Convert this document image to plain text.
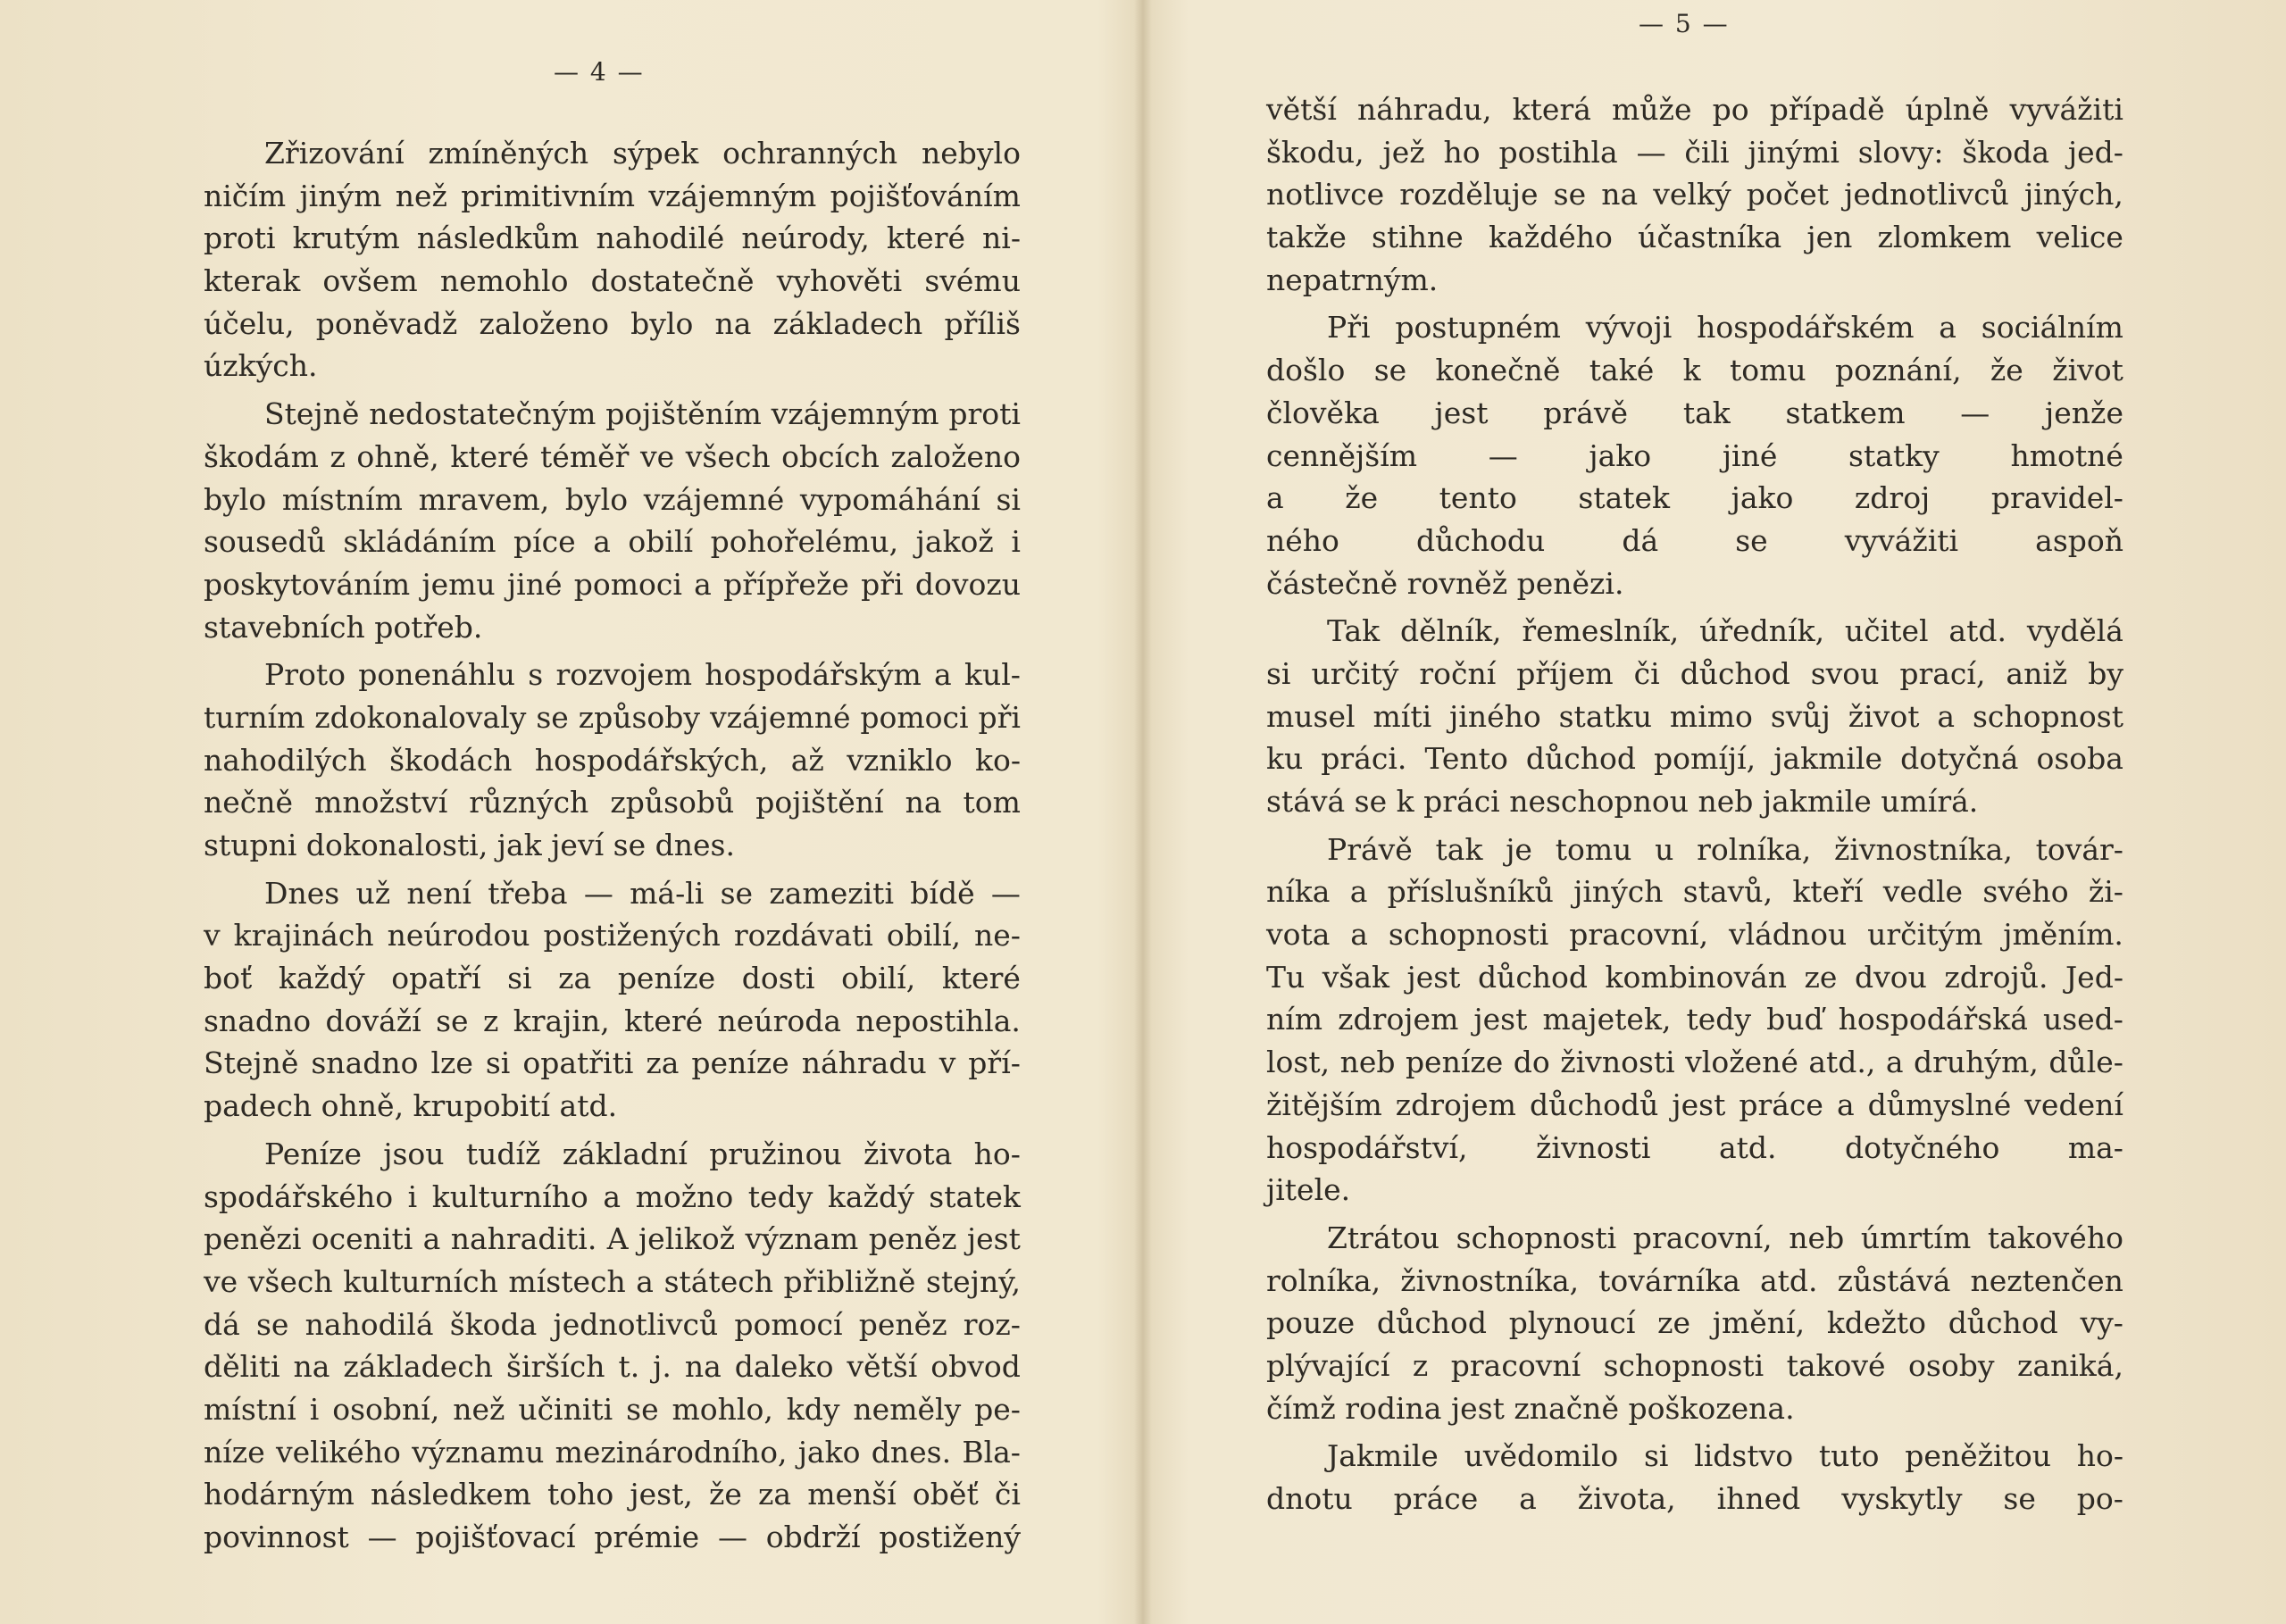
— 4 —
Zřizování zmíněných sýpek ochranných nebylo
ničím jiným než primitivním vzájemným pojišťováním
proti krutým následkům nahodilé neúrody, které ni-
kterak ovšem nemohlo dostatečně vyhověti svému
účelu, poněvadž založeno bylo na základech příliš
úzkých.
Stejně nedostatečným pojištěním vzájemným proti
škodám z ohně, které téměř ve všech obcích založeno
bylo místním mravem, bylo vzájemné vypomáhání si
sousedů skládáním píce a obilí pohořelému, jakož i
poskytováním jemu jiné pomoci a přípřeže při dovozu
stavebních potřeb.
Proto ponenáhlu s rozvojem hospodářským a kul-
turním zdokonalovaly se způsoby vzájemné pomoci při
nahodilých škodách hospodářských, až vzniklo ko-
nečně množství různých způsobů pojištění na tom
stupni dokonalosti, jak jeví se dnes.
Dnes už není třeba — má-li se zameziti bídě —
v krajinách neúrodou postižených rozdávati obilí, ne-
boť každý opatří si za peníze dosti obilí, které
snadno dováží se z krajin, které neúroda nepostihla.
Stejně snadno lze si opatřiti za peníze náhradu v pří-
padech ohně, krupobití atd.
Peníze jsou tudíž základní pružinou života ho-
spodářského i kulturního a možno tedy každý statek
penězi oceniti a nahraditi. A jelikož význam peněz jest
ve všech kulturních místech a státech přibližně stejný,
dá se nahodilá škoda jednotlivců pomocí peněz roz-
děliti na základech širších t. j. na daleko větší obvod
místní i osobní, než učiniti se mohlo, kdy neměly pe-
níze velikého významu mezinárodního, jako dnes. Bla-
hodárným následkem toho jest, že za menší oběť či
povinnost — pojišťovací prémie — obdrží postižený
— 5 —
větší náhradu, která může po případě úplně vyvážiti
škodu, jež ho postihla — čili jinými slovy: škoda jed-
notlivce rozděluje se na velký počet jednotlivců jiných,
takže stihne každého účastníka jen zlomkem velice
nepatrným.
Při postupném vývoji hospodářském a sociálním
došlo se konečně také k tomu poznání, že život
člověka jest právě tak statkem — jenže
cennějším — jako jiné statky hmotné
a že tento statek jako zdroj pravidel-
ného	důchodu	dá	se	vyvážiti	aspoň
částečně rovněž penězi.
Tak dělník, řemeslník, úředník, učitel atd. vydělá
si určitý roční příjem či důchod svou prací, aniž by
musel míti jiného statku mimo svůj život a schopnost
ku práci. Tento důchod pomíjí, jakmile dotyčná osoba
stává se k práci neschopnou neb jakmile umírá.
Právě tak je tomu u rolníka, živnostníka, továr-
níka a příslušníků jiných stavů, kteří vedle svého ži-
vota a schopnosti pracovní, vládnou určitým jměním.
Tu však jest důchod kombinován ze dvou zdrojů. Jed-
ním zdrojem jest majetek, tedy buď hospodářská used-
lost, neb peníze do živnosti vložené atd., a druhým, důle-
žitějším zdrojem důchodů jest práce a důmyslné vedení
hospodářství, živnosti atd. dotyčného ma-
jitele.
Ztrátou schopnosti pracovní, neb úmrtím takového
rolníka, živnostníka, továrníka atd. zůstává neztenčen
pouze důchod plynoucí ze jmění, kdežto důchod vy-
plývající z pracovní schopnosti takové osoby zaniká,
čímž rodina jest značně poškozena.
Jakmile uvědomilo si lidstvo tuto peněžitou ho-
dnotu práce a života, ihned vyskytly se po-
